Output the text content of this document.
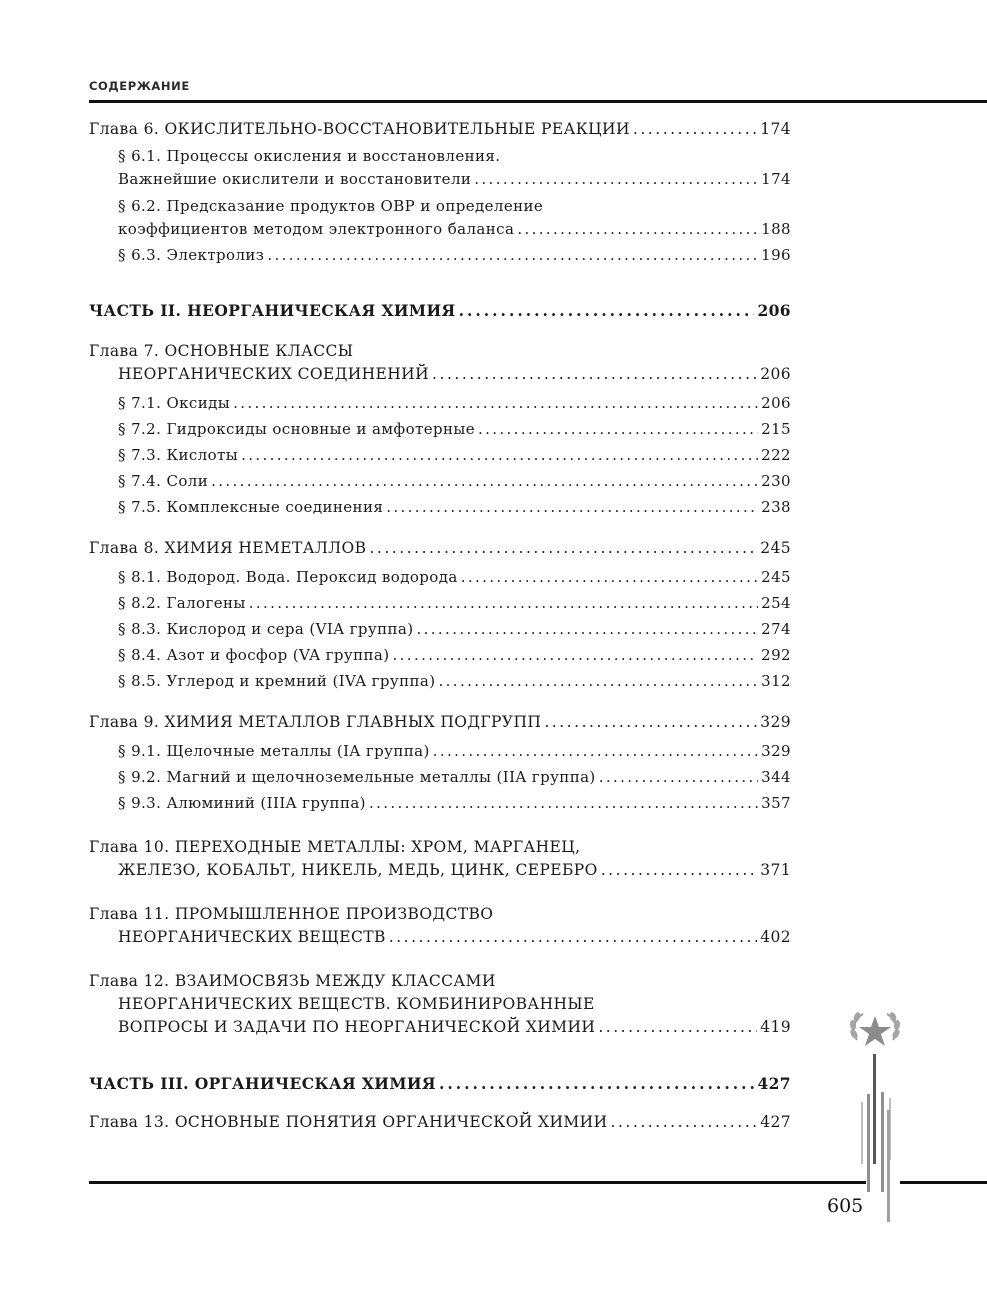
СОДЕРЖАНИЕ
Глава 6. ОКИСЛИТЕЛЬНО-ВОССТАНОВИТЕЛЬНЫЕ РЕАКЦИИ . . .	174
§ 6.1. Процессы окисления и восстановления.
Важнейшие окислители и восстановители . . .	174
§ 6.2. Предсказание продуктов ОВР и определение
коэффициентов методом электронного баланса . . .	188
§ 6.3. Электролиз . . .	196
ЧАСТЬ II. НЕОРГАНИЧЕСКАЯ ХИМИЯ . . .	206
Глава 7. ОСНОВНЫЕ КЛАССЫ
НЕОРГАНИЧЕСКИХ СОЕДИНЕНИЙ . . .	206
§ 7.1. Оксиды . . .	206
§ 7.2. Гидроксиды основные и амфотерные . . .	215
§ 7.3. Кислоты . . .	222
§ 7.4. Соли . . .	230
§ 7.5. Комплексные соединения . . .	238
Глава 8. ХИМИЯ НЕМЕТАЛЛОВ . . .	245
§ 8.1. Водород. Вода. Пероксид водорода . . .	245
§ 8.2. Галогены . . .	254
§ 8.3. Кислород и сера (VIA группа) . . .	274
§ 8.4. Азот и фосфор (VA группа) . . .	292
§ 8.5. Углерод и кремний (IVA группа) . . .	312
Глава 9. ХИМИЯ МЕТАЛЛОВ ГЛАВНЫХ ПОДГРУПП . . .	329
§ 9.1. Щелочные металлы (IA группа) . . .	329
§ 9.2. Магний и щелочноземельные металлы (IIA группа) . . .	344
§ 9.3. Алюминий (IIIA группа) . . .	357
Глава 10. ПЕРЕХОДНЫЕ МЕТАЛЛЫ: ХРОМ, МАРГАНЕЦ,
ЖЕЛЕЗО, КОБАЛЬТ, НИКЕЛЬ, МЕДЬ, ЦИНК, СЕРЕБРО . . .	371
Глава 11. ПРОМЫШЛЕННОЕ ПРОИЗВОДСТВО
НЕОРГАНИЧЕСКИХ ВЕЩЕСТВ . . .	402
Глава 12. ВЗАИМОСВЯЗЬ МЕЖДУ КЛАССАМИ
НЕОРГАНИЧЕСКИХ ВЕЩЕСТВ. КОМБИНИРОВАННЫЕ
ВОПРОСЫ И ЗАДАЧИ ПО НЕОРГАНИЧЕСКОЙ ХИМИИ . . .	419
ЧАСТЬ III. ОРГАНИЧЕСКАЯ ХИМИЯ . . .	427
Глава 13. ОСНОВНЫЕ ПОНЯТИЯ ОРГАНИЧЕСКОЙ ХИМИИ . . .	427
605
